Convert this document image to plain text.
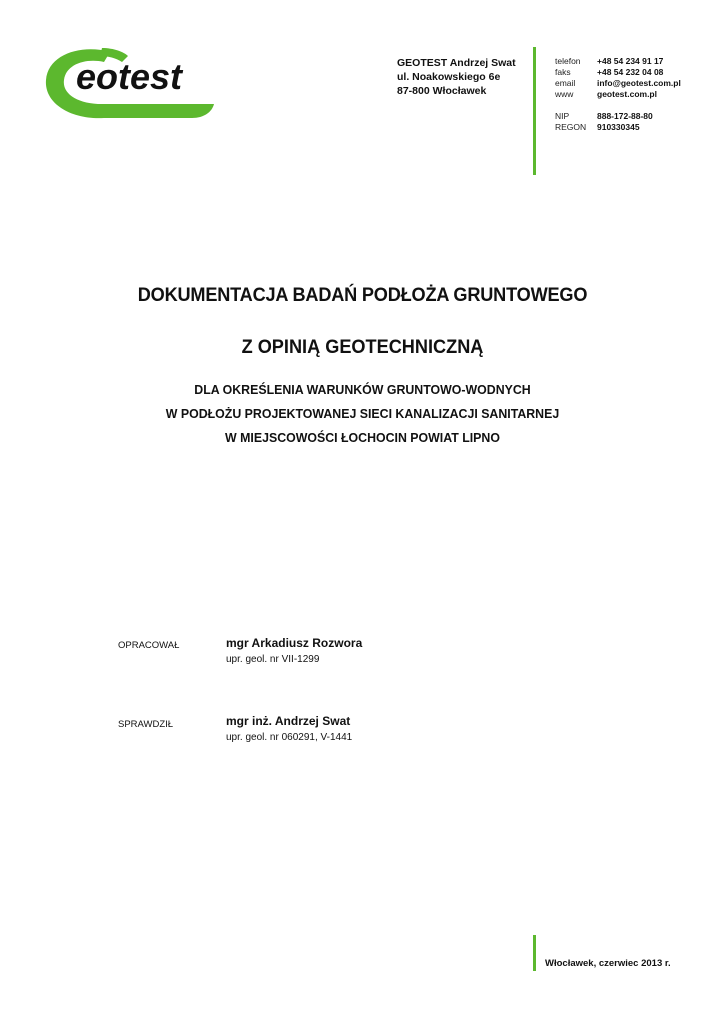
eotest	GEOTEST Andrzej Swat
ul. Noakowskiego 6e
87-800 Włocławek
telefon	+48 54 234 91 17
faks	+48 54 232 04 08
email	info@geotest.com.pl
www	geotest.com.pl
NIP	888-172-88-80
REGON	910330345
DOKUMENTACJA BADAŃ PODŁOŻA GRUNTOWEGO
Z OPINIĄ GEOTECHNICZNĄ
DLA OKREŚLENIA WARUNKÓW GRUNTOWO-WODNYCH
W PODŁOŻU PROJEKTOWANEJ SIECI KANALIZACJI SANITARNEJ
W MIEJSCOWOŚCI ŁOCHOCIN POWIAT LIPNO
OPRACOWAŁ	mgr Arkadiusz Rozwora
upr. geol. nr VII-1299
SPRAWDZIŁ	mgr inż. Andrzej Swat
upr. geol. nr 060291, V-1441
Włocławek, czerwiec 2013 r.
